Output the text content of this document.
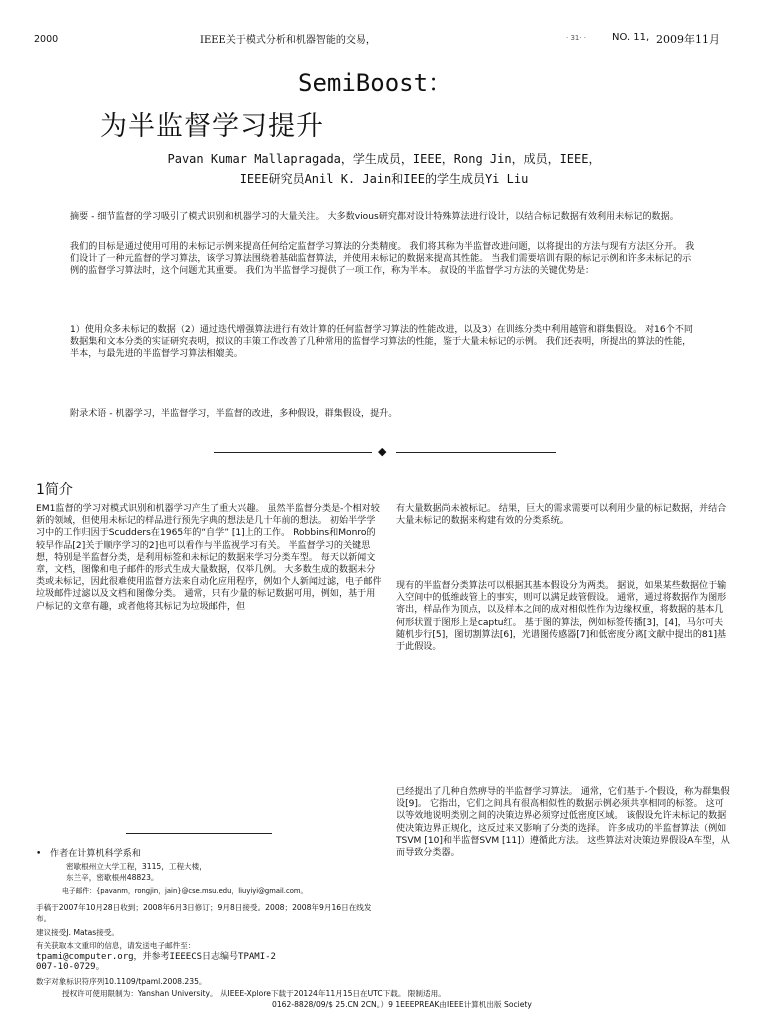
2000	IEEE关于模式分析和机器智能的交易，	‧ 31‧ ‧	NO. 11, 2009年11月
SemiBoost：
为半监督学习提升
Pavan Kumar Mallapragada，学生成员，IEEE，Rong Jin，成员，IEEE，
IEEE研究员Anil K. Jain和IEE的学生成员Yi Liu
摘要 - 细节监督的学习吸引了模式识别和机器学习的大量关注。 大多数vious研究都对设计特殊算法进行设计，以结合标记数据有效利用未标记的数据。
我们的目标是通过使用可用的未标记示例来提高任何给定监督学习算法的分类精度。 我们将其称为半监督改进问题，以将提出的方法与现有方法区分开。 我们设计了一种元监督的学习算法，该学习算法围绕着基础监督算法，并使用未标记的数据来提高其性能。 当我们需要培训有限的标记示例和许多未标记的示例的监督学习算法时，这个问题尤其重要。 我们为半监督学习提供了一项工作，称为半本。 叔设的半监督学习方法的关键优势是：
1）使用众多未标记的数据（2）通过迭代增强算法进行有效计算的任何监督学习算法的性能改进，以及3）在训练分类中利用越管和群集假设。 对16个不同数据集和文本分类的实证研究表明，拟议的丰策工作改善了几种常用的监督学习算法的性能，鉴于大量未标记的示例。 我们还表明，所提出的算法的性能，半本，与最先进的半监督学习算法相媲美。
附录术语 - 机器学习，半监督学习，半监督的改进，多种假设，群集假设，提升。
◆
1简介
EM1监督的学习对模式识别和机器学习产生了重大兴趣。 虽然半监督分类是-个相对较新的领域，但使用未标记的样品进行预先字典的想法是几十年前的想法。 初始半学学习中的工作归因于Scudders在1965年的“自学” [1]上的工作。 Robbins和Monro的较早作品[2]关于顺序学习的2]也可以看作与半监视学习有关。 半监督学习的关键思想，特别是半监督分类，是利用标签和未标记的数据来学习分类车型。 每天以新闻文章，文档，图像和电子邮件的形式生成大量数据，仅举几例。 大多数生成的数据未分类或未标记，因此很难使用监督方法来自动化应用程序，例如个人新闻过滤，电子邮件垃圾邮件过滤以及文档和图像分类。 通常，只有少量的标记数据可用，例如，基于用户标记的文章有趣，或者他将其标记为垃圾邮件，但
有大量数据尚未被标记。 结果，巨大的需求需要可以利用少量的标记数据，并结合大量未标记的数据来构建有效的分类系统。
现有的半监督分类算法可以根据其基本假设分为两类。 据说，如果某些数据位于输入空间中的低维歧管上的事实，则可以满足歧管假设。 通常，通过将数据作为图形寄出，样品作为顶点，以及样本之间的成对相似性作为边缘权重，将数据的基本几何形状置于图形上是captu红。 基于图的算法，例如标签传播[3]，[4]，马尔可夫随机步行[5]，图切割算法[6]，光谱图传感器[7]和低密度分离[文献中提出的81]基于此假设。
已经提出了几种自然痹导的半监督学习算法。 通常，它们基于-个假设，称为群集假设[9]。 它指出，它们之间具有很高相似性的数据示例必须共享相同的标签。 这可以等效地说明类别之间的决策边界必须穿过低密度区域。 该假设允许未标记的数据使决策边界正规化，这反过来又影响了分类的选择。 许多成功的半监督算法（例如TSVM [10]和半监督SVM [11]）遵循此方法。 这些算法对决策边界假设A车型，从而导致分类器。
• 作者在计算机科学系和
密歇根州立大学工程，3115，工程大楼，
东兰辛，密歇根州48823。
电子邮件：{pavanm，rongjin，jain}@cse.msu.edu，liuyiyi@gmail.com。
手稿于2007年10月28日收到；2008年6月3日修订；9月8日接受。2008；2008年9月16日在线发布。
建议接受J. Matas接受。
有关获取本文重印的信息，请发送电子邮件至：
tpami@computer.org，并参考IEEECS日志编号TPAMI-2
007-10-0729。
数字对象标识符序列10.1109/tpaml.2008.235。
授权许可使用限制为：Yanshan University。 从IEEE-Xplore下载于20124年11月15日在UTC下载。 限制适用。
0162-8828/09/$ 25.CN 2CN。）9 1EEEPREAK由IEEE计算机出版 Society
